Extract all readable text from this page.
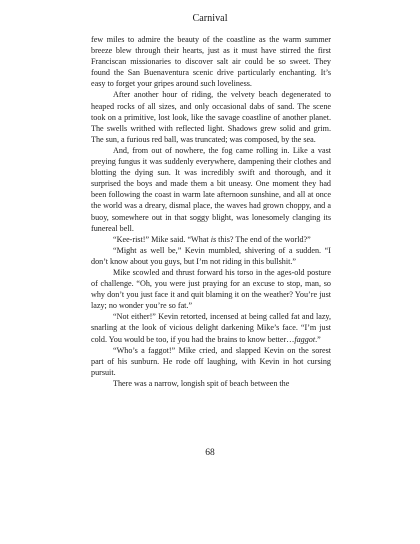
Carnival

few miles to admire the beauty of the coastline as the warm summer breeze blew through their hearts, just as it must have stirred the first Franciscan missionaries to discover salt air could be so sweet. They found the San Buenaventura scenic drive particularly enchanting. It’s easy to forget your gripes around such loveliness.

After another hour of riding, the velvety beach degenerated to heaped rocks of all sizes, and only occasional dabs of sand. The scene took on a primitive, lost look, like the savage coastline of another planet. The swells writhed with reflected light. Shadows grew solid and grim. The sun, a furious red ball, was truncated; was composed, by the sea.

And, from out of nowhere, the fog came rolling in. Like a vast preying fungus it was suddenly everywhere, dampening their clothes and blotting the dying sun. It was incredibly swift and thorough, and it surprised the boys and made them a bit uneasy. One moment they had been following the coast in warm late afternoon sunshine, and all at once the world was a dreary, dismal place, the waves had grown choppy, and a buoy, somewhere out in that soggy blight, was lonesomely clanging its funereal bell.

“Kee-rist!” Mike said. “What is this? The end of the world?”

“Might as well be,” Kevin mumbled, shivering of a sudden. “I don’t know about you guys, but I’m not riding in this bullshit.”

Mike scowled and thrust forward his torso in the ages-old posture of challenge. “Oh, you were just praying for an excuse to stop, man, so why don’t you just face it and quit blaming it on the weather? You’re just lazy; no wonder you’re so fat.”

“Not either!” Kevin retorted, incensed at being called fat and lazy, snarling at the look of vicious delight darkening Mike’s face. “I’m just cold. You would be too, if you had the brains to know better…faggot.”

“Who’s a faggot!” Mike cried, and slapped Kevin on the sorest part of his sunburn. He rode off laughing, with Kevin in hot cursing pursuit.

There was a narrow, longish spit of beach between the

68
